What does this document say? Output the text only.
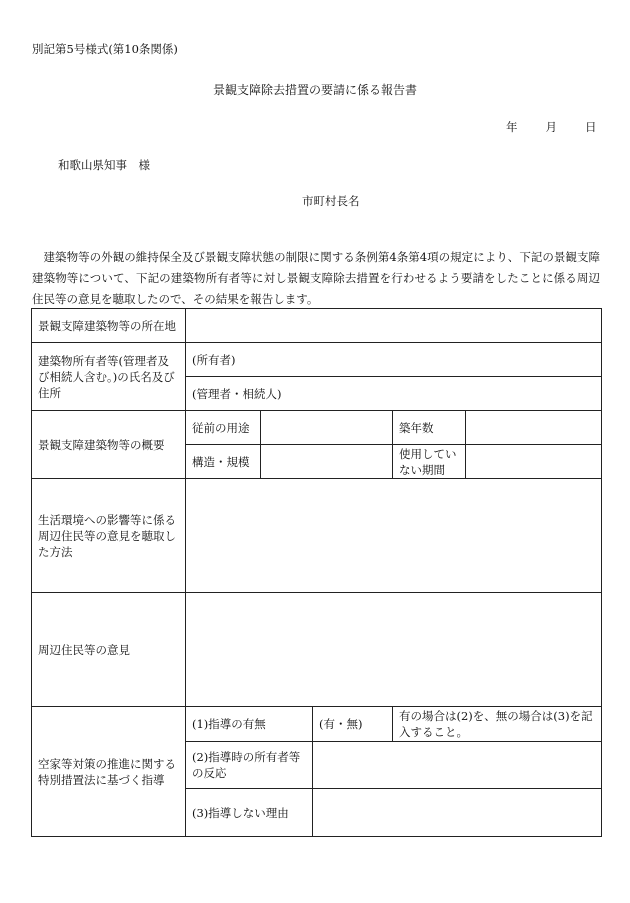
別記第5号様式(第10条関係)
景観支障除去措置の要請に係る報告書
年 月 日
和歌山県知事　様
市町村長名
建築物等の外観の維持保全及び景観支障状態の制限に関する条例第4条第4項の規定により、下記の景観支障建築物等について、下記の建築物所有者等に対し景観支障除去措置を行わせるよう要請をしたことに係る周辺住民等の意見を聴取したので、その結果を報告します。
景観支障建築物等の所在地					
建築物所有者等(管理者及び相続人含む。)の氏名及び住所	(所有者)				
	(管理者・相続人)				
景観支障建築物等の概要	従前の用途			築年数	
	構造・規模			使用していない期間	
生活環境への影響等に係る周辺住民等の意見を聴取した方法					
周辺住民等の意見					
空家等対策の推進に関する特別措置法に基づく指導	(1)指導の有無		(有・無)	有の場合は(2)を、無の場合は(3)を記入すること。	
	(2)指導時の所有者等の反応				
	(3)指導しない理由				
